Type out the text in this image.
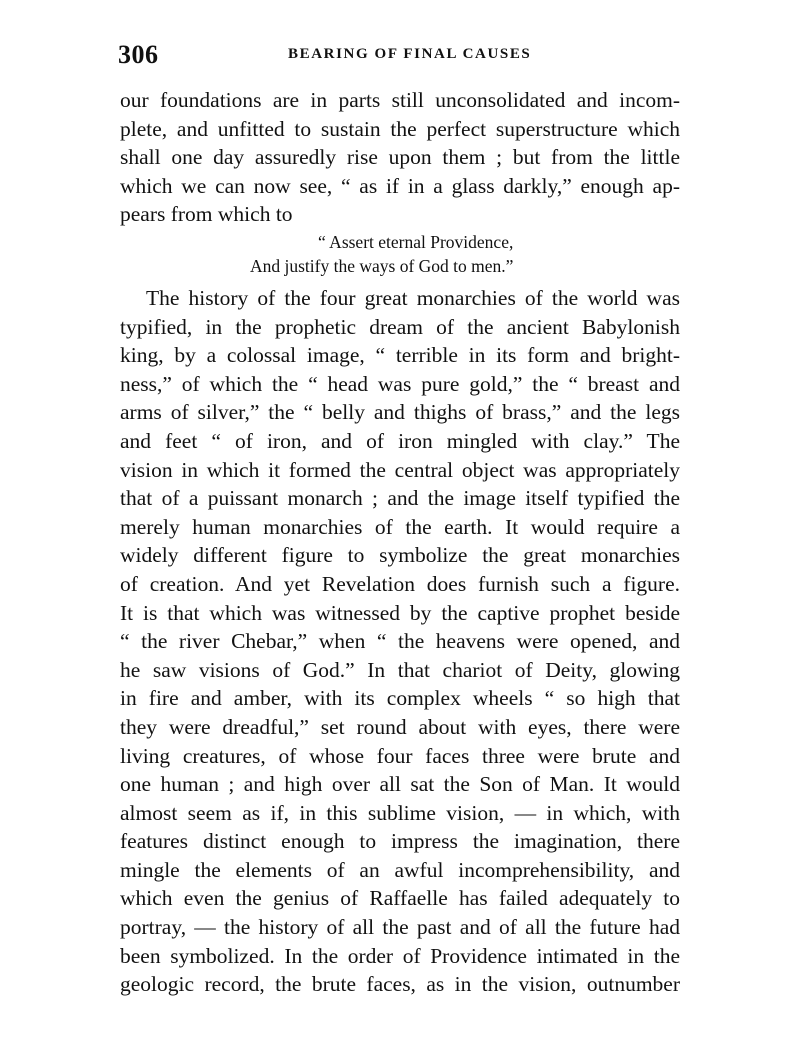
306	BEARING OF FINAL CAUSES
our foundations are in parts still unconsolidated and incom-
plete, and unfitted to sustain the perfect superstructure which
shall one day assuredly rise upon them ; but from the little
which we can now see, “ as if in a glass darkly,” enough ap-
pears from which to
“ Assert eternal Providence,
And justify the ways of God to men.”
The history of the four great monarchies of the world was
typified, in the prophetic dream of the ancient Babylonish
king, by a colossal image, “ terrible in its form and bright-
ness,” of which the “ head was pure gold,” the “ breast and
arms of silver,” the “ belly and thighs of brass,” and the legs
and feet “ of iron, and of iron mingled with clay.” The
vision in which it formed the central object was appropriately
that of a puissant monarch ; and the image itself typified the
merely human monarchies of the earth. It would require a
widely different figure to symbolize the great monarchies
of creation. And yet Revelation does furnish such a figure.
It is that which was witnessed by the captive prophet beside
“ the river Chebar,” when “ the heavens were opened, and
he saw visions of God.” In that chariot of Deity, glowing
in fire and amber, with its complex wheels “ so high that
they were dreadful,” set round about with eyes, there were
living creatures, of whose four faces three were brute and
one human ; and high over all sat the Son of Man. It would
almost seem as if, in this sublime vision, — in which, with
features distinct enough to impress the imagination, there
mingle the elements of an awful incomprehensibility, and
which even the genius of Raffaelle has failed adequately to
portray, — the history of all the past and of all the future had
been symbolized. In the order of Providence intimated in the
geologic record, the brute faces, as in the vision, outnumber
